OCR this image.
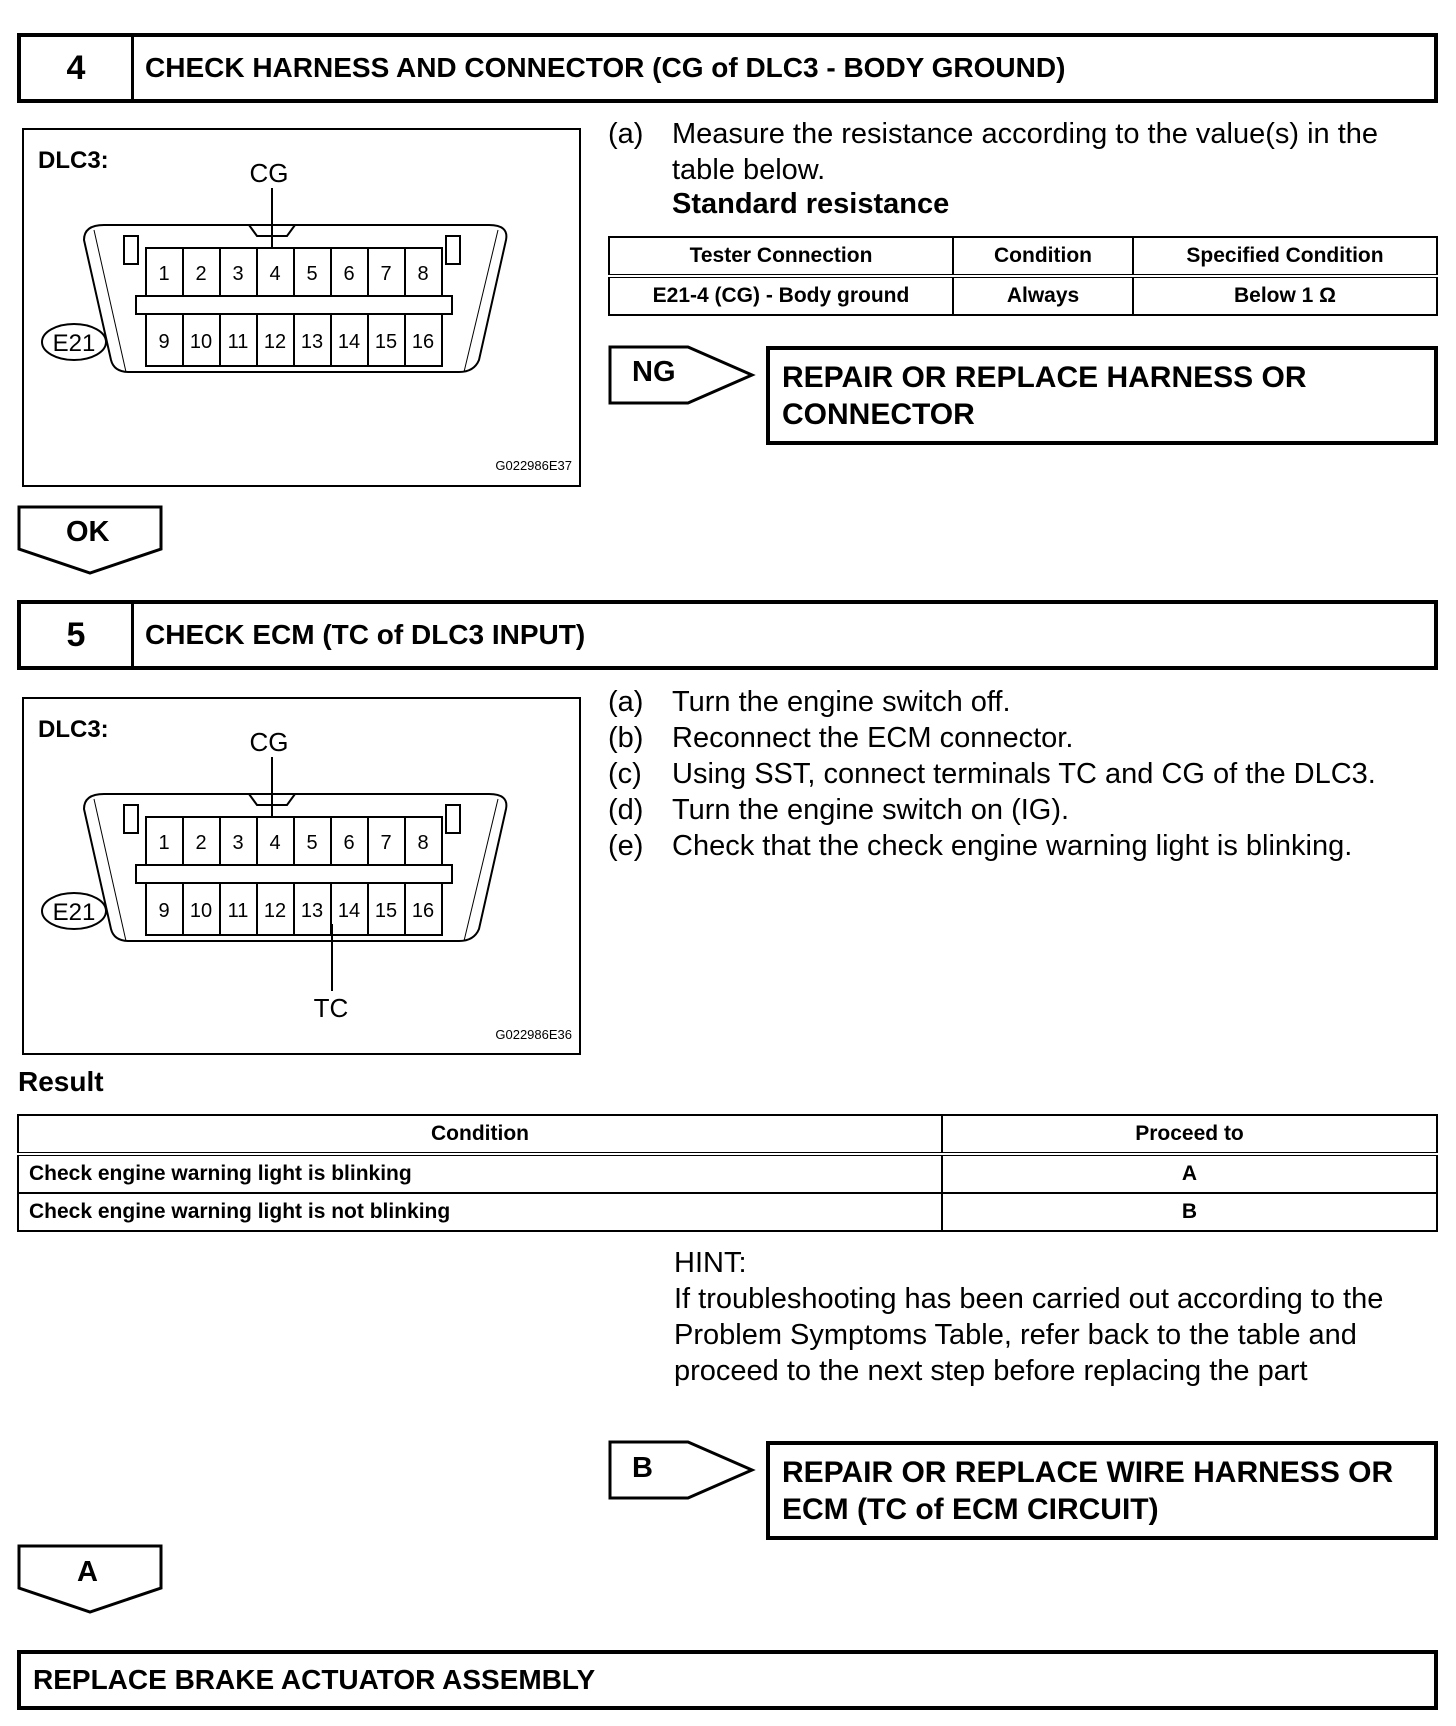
4	CHECK HARNESS AND CONNECTOR (CG of DLC3 - BODY GROUND)
DLC3:	CG
1 2 3 4 5 6 7 8
9 10 11 12 13 14 15 16
E21
G022986E37
(a) Measure the resistance according to the value(s) in the table below.
Standard resistance
Tester Connection	Condition	Specified Condition
E21-4 (CG) - Body ground	Always	Below 1 Ω
NG	REPAIR OR REPLACE HARNESS OR
CONNECTOR
OK
5	CHECK ECM (TC of DLC3 INPUT)
DLC3:	CG
1 2 3 4 5 6 7 8
9 10 11 12 13 14 15 16
TC
E21
G022986E36
(a) Turn the engine switch off.
(b) Reconnect the ECM connector.
(c)	Using SST, connect terminals TC and CG of the DLC3.
(d) Turn the engine switch on (IG).
(e) Check that the check engine warning light is blinking.
Result
Condition	Proceed to
Check engine warning light is blinking	A
Check engine warning light is not blinking	B
HINT:
If troubleshooting has been carried out according to the
Problem Symptoms Table, refer back to the table and
proceed to the next step before replacing the part
B	REPAIR OR REPLACE WIRE HARNESS OR
ECM (TC of ECM CIRCUIT)
A
REPLACE BRAKE ACTUATOR ASSEMBLY
